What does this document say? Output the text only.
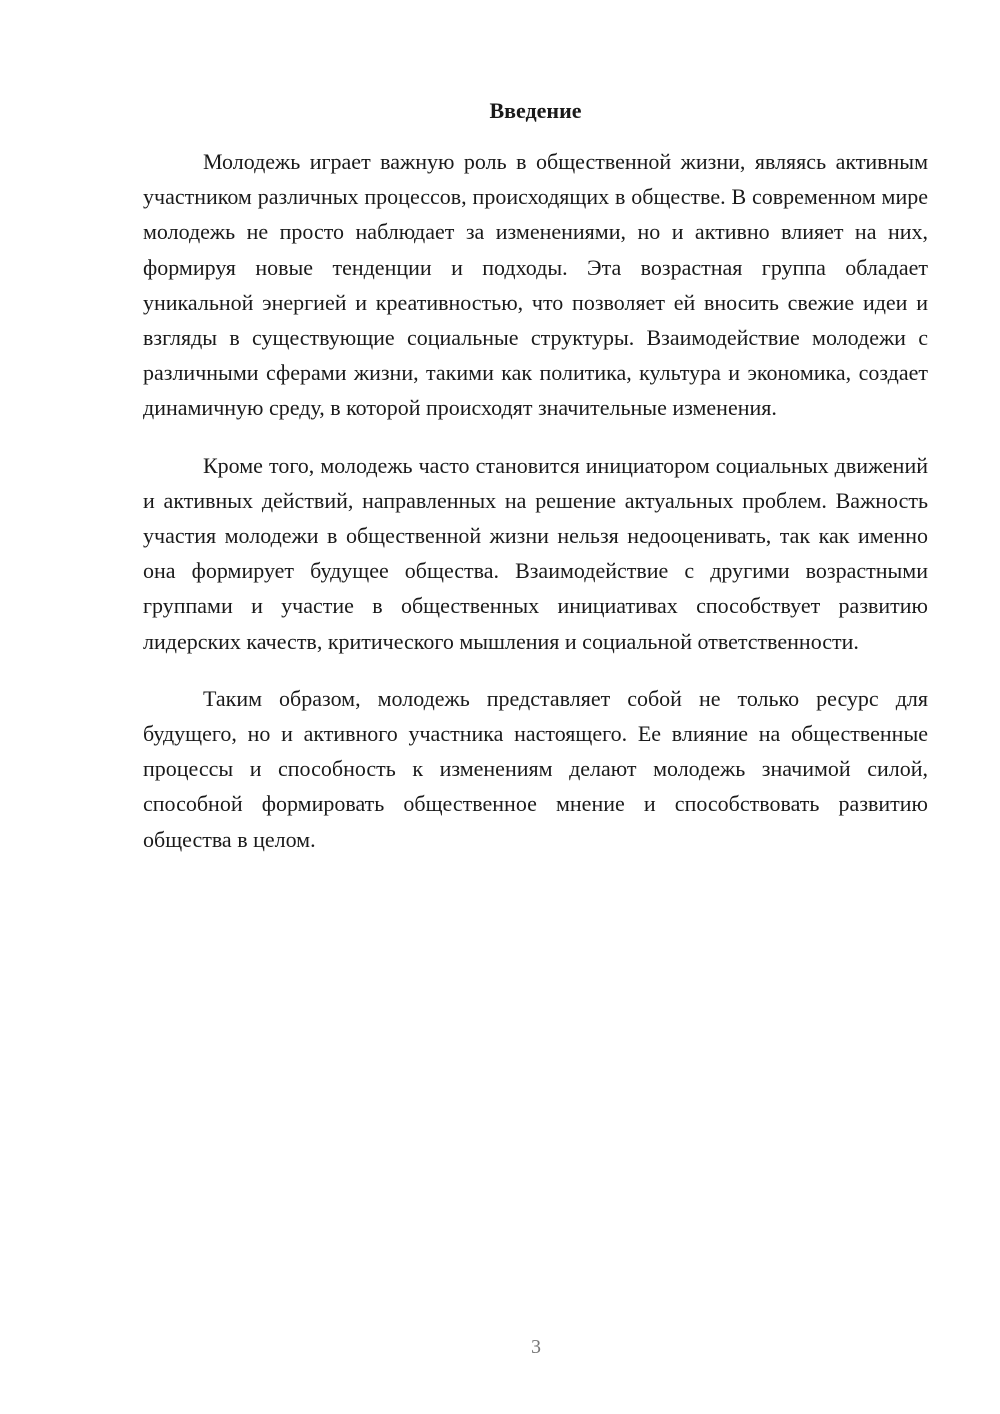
Введение

Молодежь играет важную роль в общественной жизни, являясь активным участником различных процессов, происходящих в обществе. В современном мире молодежь не просто наблюдает за изменениями, но и активно влияет на них, формируя новые тенденции и подходы. Эта возрастная группа обладает уникальной энергией и креативностью, что позволяет ей вносить свежие идеи и взгляды в существующие социальные структуры. Взаимодействие молодежи с различными сферами жизни, такими как политика, культура и экономика, создает динамичную среду, в которой происходят значительные изменения.

Кроме того, молодежь часто становится инициатором социальных движений и активных действий, направленных на решение актуальных проблем. Важность участия молодежи в общественной жизни нельзя недооценивать, так как именно она формирует будущее общества. Взаимодействие с другими возрастными группами и участие в общественных инициативах способствует развитию лидерских качеств, критического мышления и социальной ответственности.

Таким образом, молодежь представляет собой не только ресурс для будущего, но и активного участника настоящего. Ее влияние на общественные процессы и способность к изменениям делают молодежь значимой силой, способной формировать общественное мнение и способствовать развитию общества в целом.

3
